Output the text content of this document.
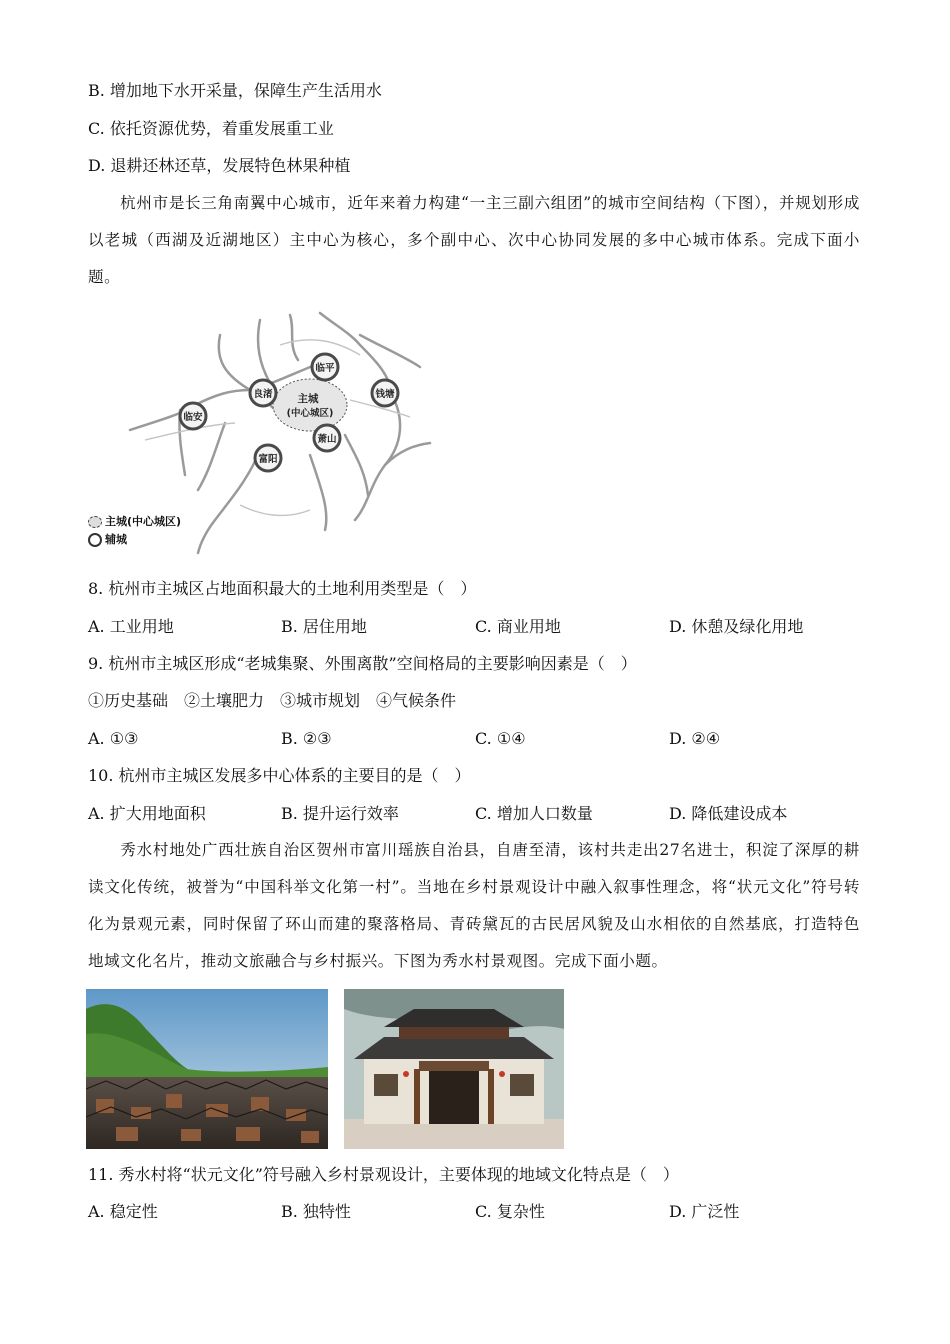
B. 增加地下水开采量，保障生产生活用水
C. 依托资源优势，着重发展重工业
D. 退耕还林还草，发展特色林果种植
杭州市是长三角南翼中心城市，近年来着力构建“一主三副六组团”的城市空间结构（下图），并规划形成以老城（西湖及近湖地区）主中心为核心，多个副中心、次中心协同发展的多中心城市体系。完成下面小题。
主城
(中心城区)
临平
良渚	钱塘
临安
萧山
富阳
主城(中心城区)
辅城
8. 杭州市主城区占地面积最大的土地利用类型是（　）
A. 工业用地	B. 居住用地	C. 商业用地	D. 休憩及绿化用地
9. 杭州市主城区形成“老城集聚、外围离散”空间格局的主要影响因素是（　）
①历史基础　②土壤肥力　③城市规划　④气候条件
A. ①③	B. ②③	C. ①④	D. ②④
10. 杭州市主城区发展多中心体系的主要目的是（　）
A. 扩大用地面积	B. 提升运行效率	C. 增加人口数量	D. 降低建设成本
秀水村地处广西壮族自治区贺州市富川瑶族自治县，自唐至清，该村共走出27名进士，积淀了深厚的耕读文化传统，被誉为“中国科举文化第一村”。当地在乡村景观设计中融入叙事性理念，将“状元文化”符号转化为景观元素，同时保留了环山而建的聚落格局、青砖黛瓦的古民居风貌及山水相依的自然基底，打造特色地域文化名片，推动文旅融合与乡村振兴。下图为秀水村景观图。完成下面小题。
11. 秀水村将“状元文化”符号融入乡村景观设计，主要体现的地域文化特点是（　）
A. 稳定性	B. 独特性	C. 复杂性	D. 广泛性
